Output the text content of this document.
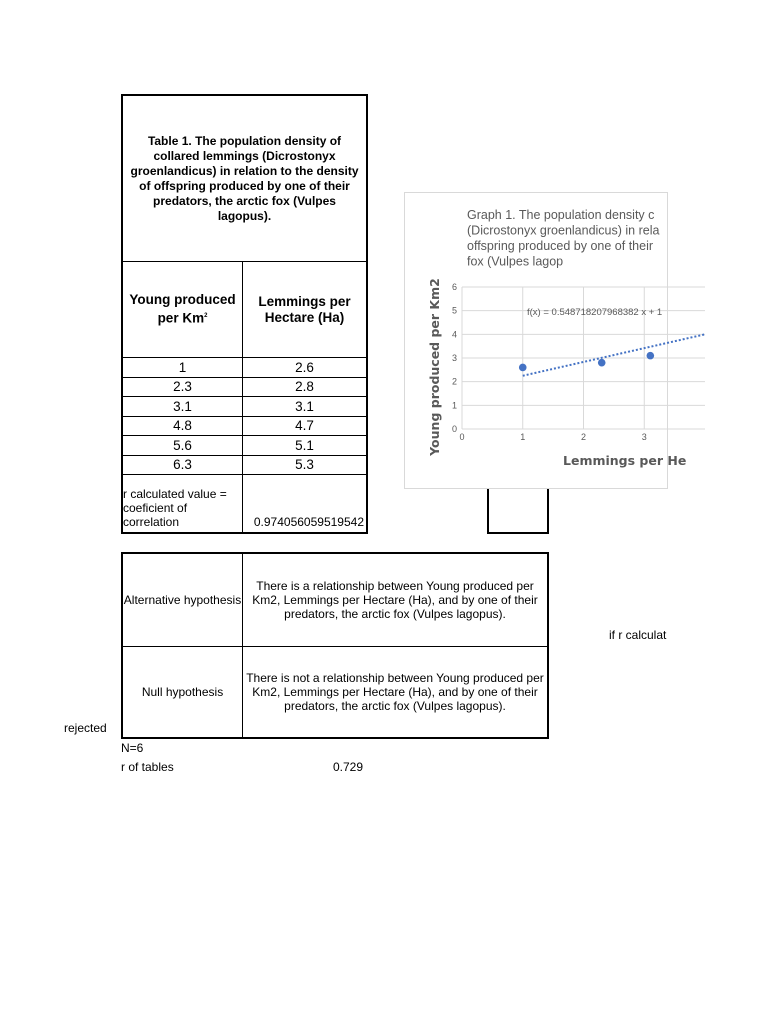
Table 1. The population density of collared lemmings (Dicrostonyx groenlandicus) in relation to the density of offspring produced by one of their predators, the arctic fox (Vulpes lagopus).
Young produced per Km$^2$
Lemmings per Hectare (Ha)
1	2.6
2.3	2.8
3.1	3.1
4.8	4.7
5.6	5.1
6.3	5.3
r calculated value = coeficient of correlation	0.974056059519542
Graph 1. The population density c
(Dicrostonyx groenlandicus) in rela
offspring produced by one of their
fox (Vulpes lagop
0
1
2
3
4
5
6
0	1	2	3
f(x) = 0.548718207968382 x + 1
Young produced per Km2
Lemmings per He
Alternative hypothesis
There is a relationship between Young produced per Km2, Lemmings per Hectare (Ha), and by one of their predators, the arctic fox (Vulpes lagopus).
Null hypothesis
There is not a relationship between Young produced per Km2, Lemmings per Hectare (Ha), and by one of their predators, the arctic fox (Vulpes lagopus).
if r calculat
rejected
N=6
r of tables	0.729
